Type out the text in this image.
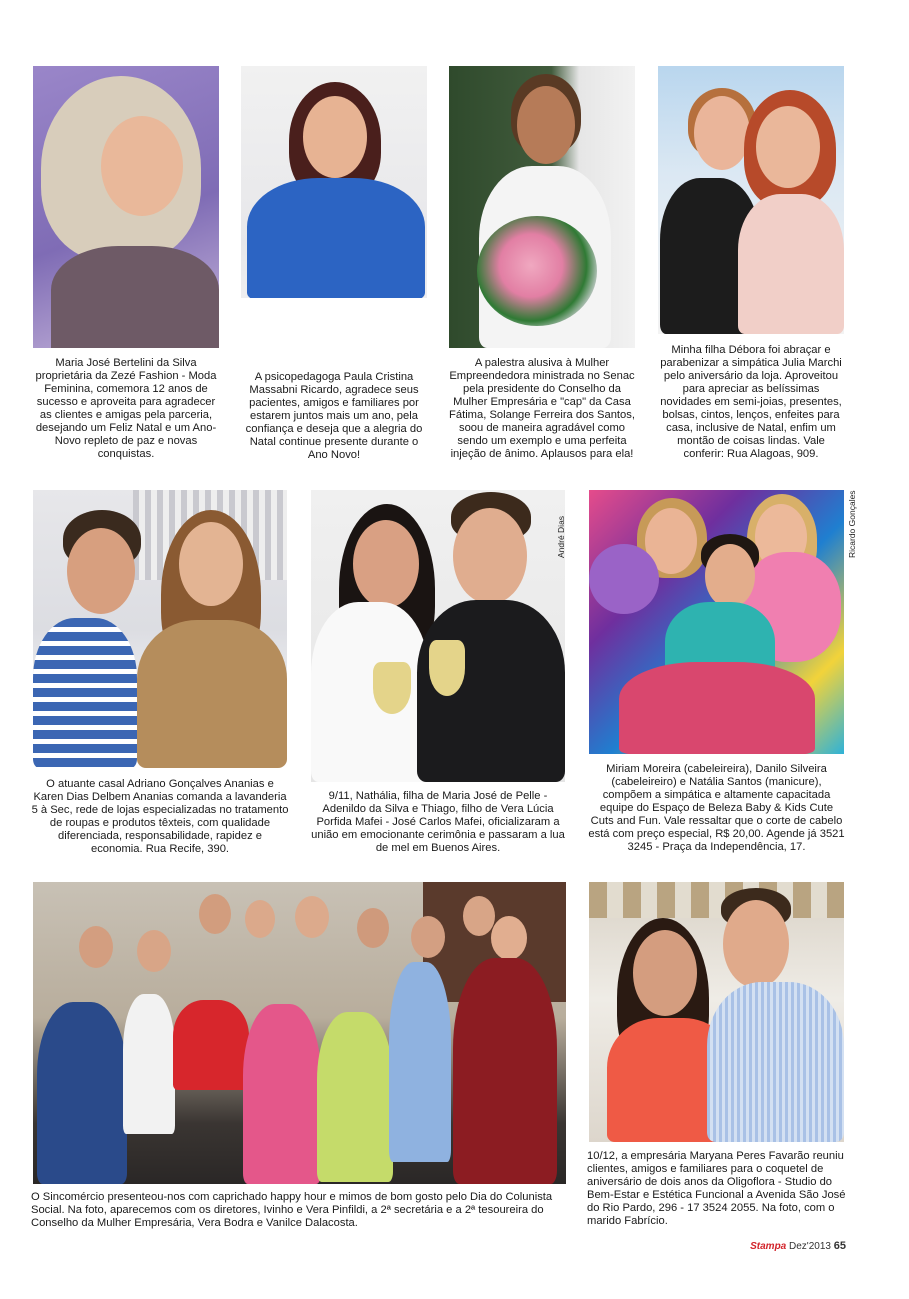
Maria José Bertelini da Silva proprietária da Zezé Fashion - Moda Feminina, comemora 12 anos de sucesso e aproveita para agradecer as clientes e amigas pela parceria, desejando um Feliz Natal e um Ano-Novo repleto de paz e novas conquistas.
A psicopedagoga Paula Cristina Massabni Ricardo, agradece seus pacientes, amigos e familiares por estarem juntos mais um ano, pela confiança e deseja que a alegria do Natal continue presente durante o Ano Novo!
A palestra alusiva à Mulher Empreendedora ministrada no Senac pela presidente do Conselho da Mulher Empresária e "cap" da Casa Fátima, Solange Ferreira dos Santos, soou de maneira agradável como sendo um exemplo e uma perfeita injeção de ânimo. Aplausos para ela!
Minha filha Débora foi abraçar e parabenizar a simpática Julia Marchi pelo aniversário da loja. Aproveitou para apreciar as belíssimas novidades em semi-joias, presentes, bolsas, cintos, lenços, enfeites para casa, inclusive de Natal, enfim um montão de coisas lindas. Vale conferir: Rua Alagoas, 909.
O atuante casal Adriano Gonçalves Ananias e Karen Dias Delbem Ananias comanda a lavanderia 5 à Sec, rede de lojas especializadas no tratamento de roupas e produtos têxteis, com qualidade diferenciada, responsabilidade, rapidez e economia. Rua Recife, 390.
André Dias
9/11, Nathália, filha de Maria José de Pelle - Adenildo da Silva e Thiago, filho de Vera Lúcia Porfida Mafei - José Carlos Mafei, oficializaram a união em emocionante cerimônia e passaram a lua de mel em Buenos Aires.
Ricardo Gonçales
Miriam Moreira (cabeleireira), Danilo Silveira (cabeleireiro) e Natália Santos (manicure), compõem a simpática e altamente capacitada equipe do Espaço de Beleza Baby & Kids Cute Cuts and Fun. Vale ressaltar que o corte de cabelo está com preço especial, R$ 20,00. Agende já 3521 3245 - Praça da Independência, 17.
O Sincomércio presenteou-nos com caprichado happy hour e mimos de bom gosto pelo Dia do Colunista Social. Na foto, aparecemos com os diretores, Ivinho e Vera Pinfildi, a 2ª secretária e a 2ª tesoureira do Conselho da Mulher Empresária, Vera Bodra e Vanilce Dalacosta.
10/12, a empresária Maryana Peres Favarão reuniu clientes, amigos e familiares para o coquetel de aniversário de dois anos da Oligoflora - Studio do Bem-Estar e Estética Funcional a Avenida São José do Rio Pardo, 296 - 17 3524 2055. Na foto, com o marido Fabrício.
Stampa Dez'2013 65
